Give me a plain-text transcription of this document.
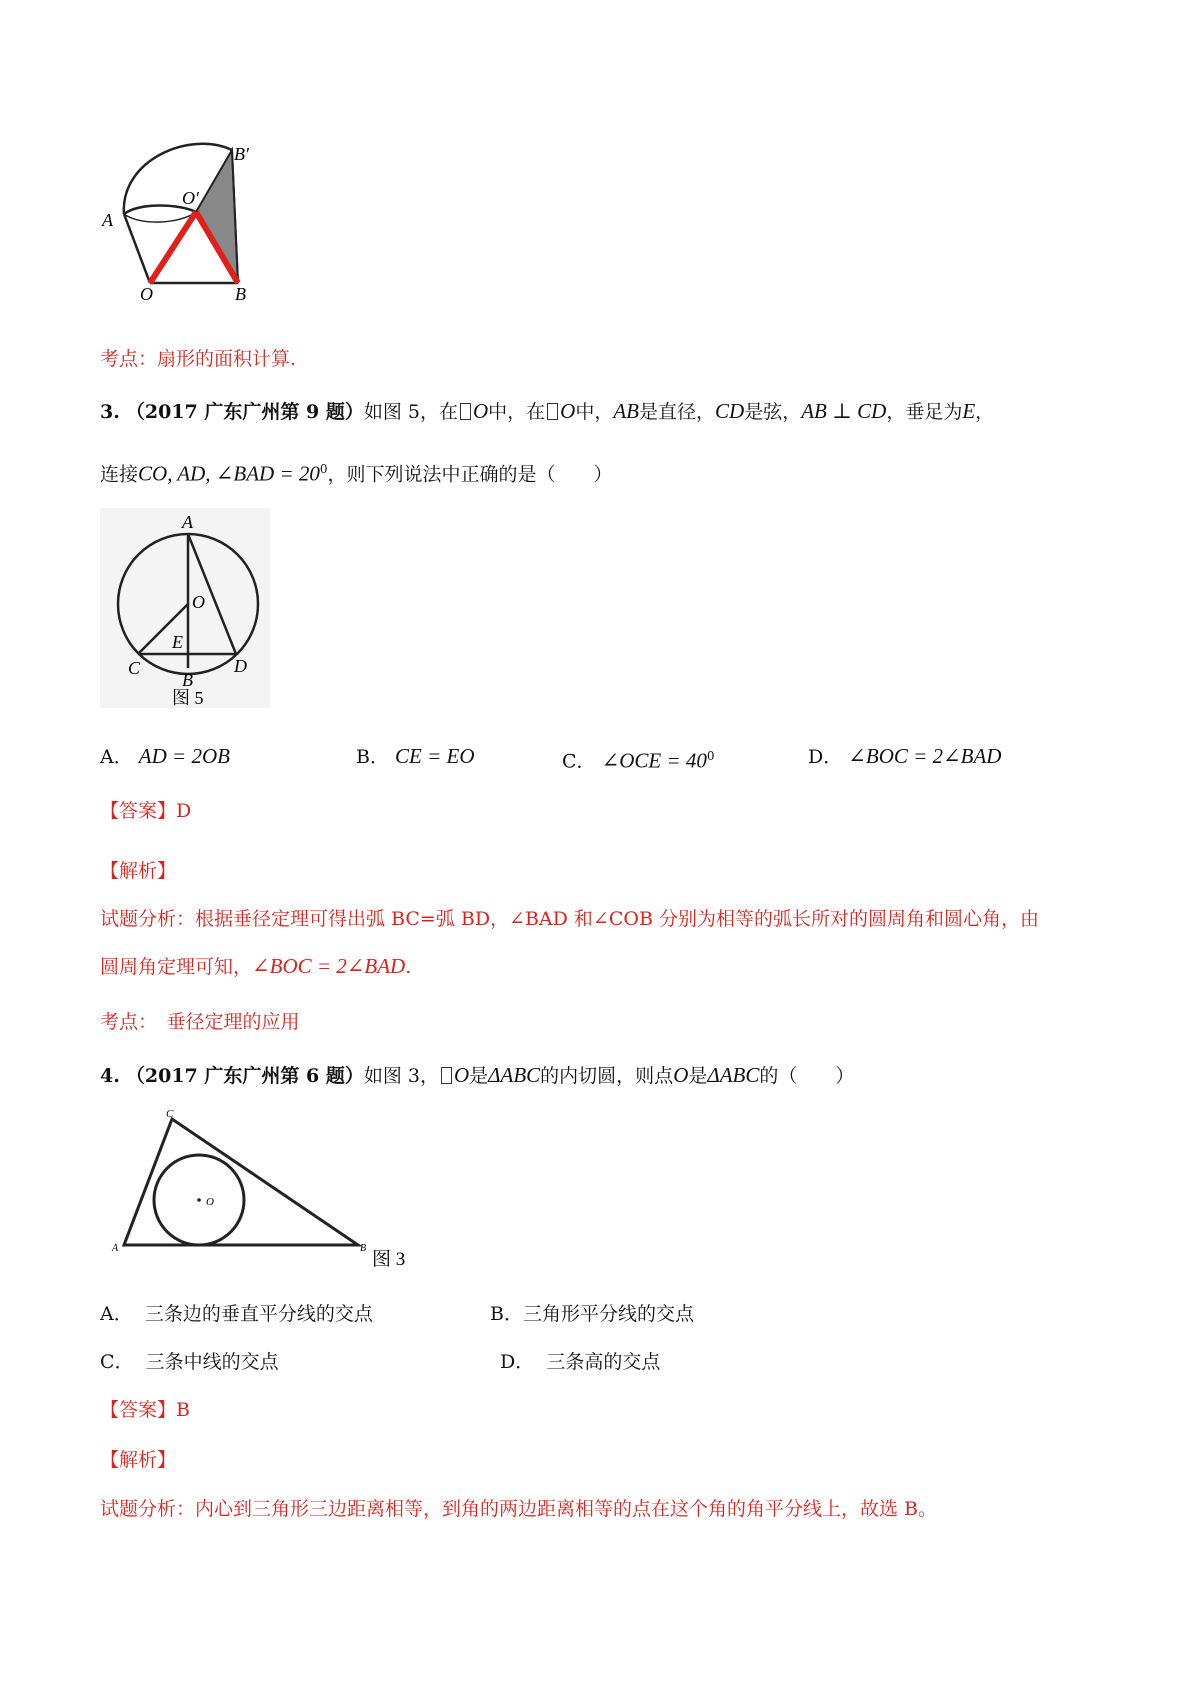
A
B′
O′
O	B
考点：扇形的面积计算.
3. （2017 广东广州第 9 题）如图 5，在 O中，在 O中，AB是直径，CD是弦，AB ⊥ CD，垂足为E，
连接CO, AD, ∠BAD = $20^0$，则下列说法中正确的是（　　）
A
O
E
C
B
D
图 5
A． AD = 2OB	B． CE = EO	C． ∠OCE = $40^0$	D． ∠BOC = 2∠BAD
【答案】D
【解析】
试题分析：根据垂径定理可得出弧 BC=弧 BD，∠BAD 和∠COB 分别为相等的弧长所对的圆周角和圆心角，由
圆周角定理可知，∠BOC = 2∠BAD.
考点：　垂径定理的应用
4. （2017 广东广州第 6 题）如图 3， O是ΔABC的内切圆，则点O是ΔABC的（　　）
C
O
A	B
图 3
A． 三条边的垂直平分线的交点	B．三角形平分线的交点
C． 三条中线的交点	D． 三条高的交点
【答案】B
【解析】
试题分析：内心到三角形三边距离相等，到角的两边距离相等的点在这个角的角平分线上，故选 B。
